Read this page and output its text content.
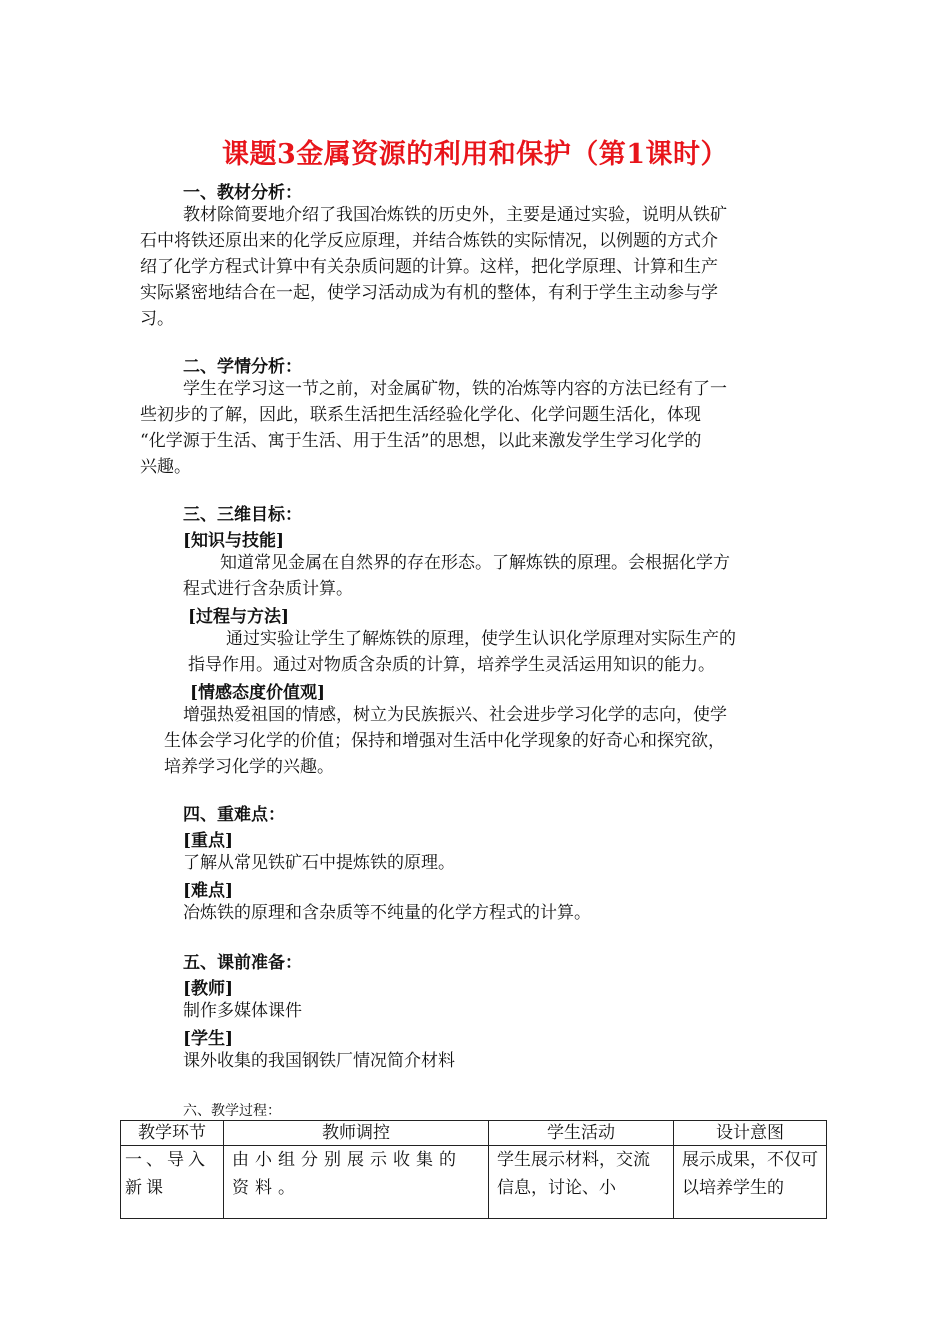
课题3金属资源的利用和保护（第1课时）
一、教材分析：
教材除简要地介绍了我国冶炼铁的历史外，主要是通过实验，说明从铁矿
石中将铁还原出来的化学反应原理，并结合炼铁的实际情况，以例题的方式介
绍了化学方程式计算中有关杂质问题的计算。这样，把化学原理、计算和生产
实际紧密地结合在一起，使学习活动成为有机的整体，有利于学生主动参与学
习。
二、学情分析：
学生在学习这一节之前，对金属矿物，铁的冶炼等内容的方法已经有了一
些初步的了解，因此，联系生活把生活经验化学化、化学问题生活化，体现
“化学源于生活、寓于生活、用于生活”的思想，以此来激发学生学习化学的
兴趣。
三、三维目标：
[知识与技能]
知道常见金属在自然界的存在形态。了解炼铁的原理。会根据化学方
程式进行含杂质计算。
[过程与方法]
通过实验让学生了解炼铁的原理，使学生认识化学原理对实际生产的
指导作用。通过对物质含杂质的计算，培养学生灵活运用知识的能力。
[情感态度价值观]
增强热爱祖国的情感，树立为民族振兴、社会进步学习化学的志向，使学
生体会学习化学的价值；保持和增强对生活中化学现象的好奇心和探究欲，
培养学习化学的兴趣。
四、重难点：
[重点]
了解从常见铁矿石中提炼铁的原理。
[难点]
冶炼铁的原理和含杂质等不纯量的化学方程式的计算。
五、课前准备：
[教师]
制作多媒体课件
[学生]
课外收集的我国钢铁厂情况简介材料
六、教学过程：
教学环节	教师调控	学生活动	设计意图
一、导入新课	由小组分别展示收集的资料。	学生展示材料，交流信息，讨论、小	展示成果，不仅可以培养学生的
